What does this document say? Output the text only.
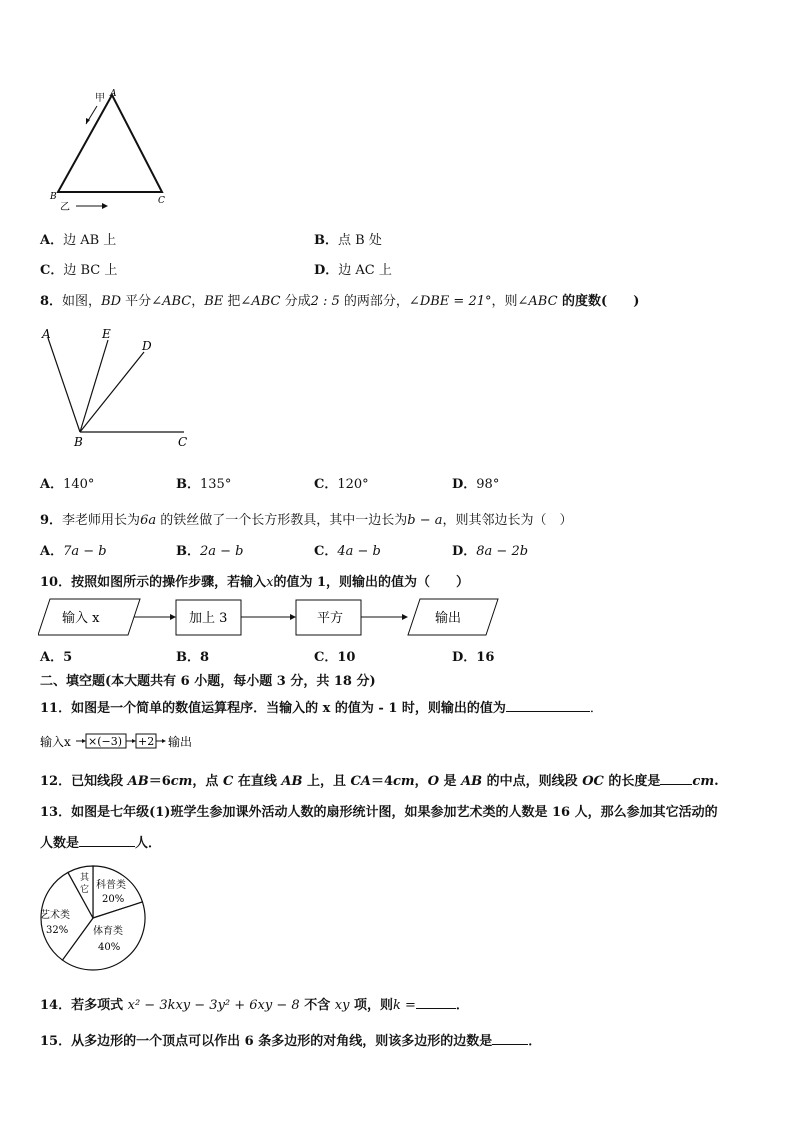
A
B	C
甲
乙
A．边 AB 上	B．点 B 处
C．边 BC 上	D．边 AC 上
8．如图，BD 平分∠ABC，BE 把∠ABC 分成2 : 5 的两部分，∠DBE = 21°，则∠ABC 的度数(　　)
A	E
D
B	C
A．140°	B．135°	C．120°	D．98°
9．李老师用长为6a 的铁丝做了一个长方形教具，其中一边长为b − a，则其邻边长为（　）
A．7a − b	B．2a − b	C．4a − b	D．8a − 2b
10．按照如图所示的操作步骤，若输入x的值为 1，则输出的值为（　　）
输入 x	加上 3	平方	输出
A．5	B．8	C．10	D．16
二、填空题(本大题共有 6 小题，每小题 3 分，共 18 分)
11．如图是一个简单的数值运算程序．当输入的 x 的值为 - 1 时，则输出的值为	．
输入x ×(−3) +2 输出
12．已知线段 AB＝6cm，点 C 在直线 AB 上，且 CA＝4cm，O 是 AB 的中点，则线段 OC 的长度是 cm.
13．如图是七年级(1)班学生参加课外活动人数的扇形统计图，如果参加艺术类的人数是 16 人，那么参加其它活动的
人数是	人．
其
它 科普类
20%
艺术类
32% 体育类
40%
14．若多项式 x² − 3kxy − 3y² + 6xy − 8 不含 xy 项，则k =	．
15．从多边形的一个顶点可以作出 6 条多边形的对角线，则该多边形的边数是	．
